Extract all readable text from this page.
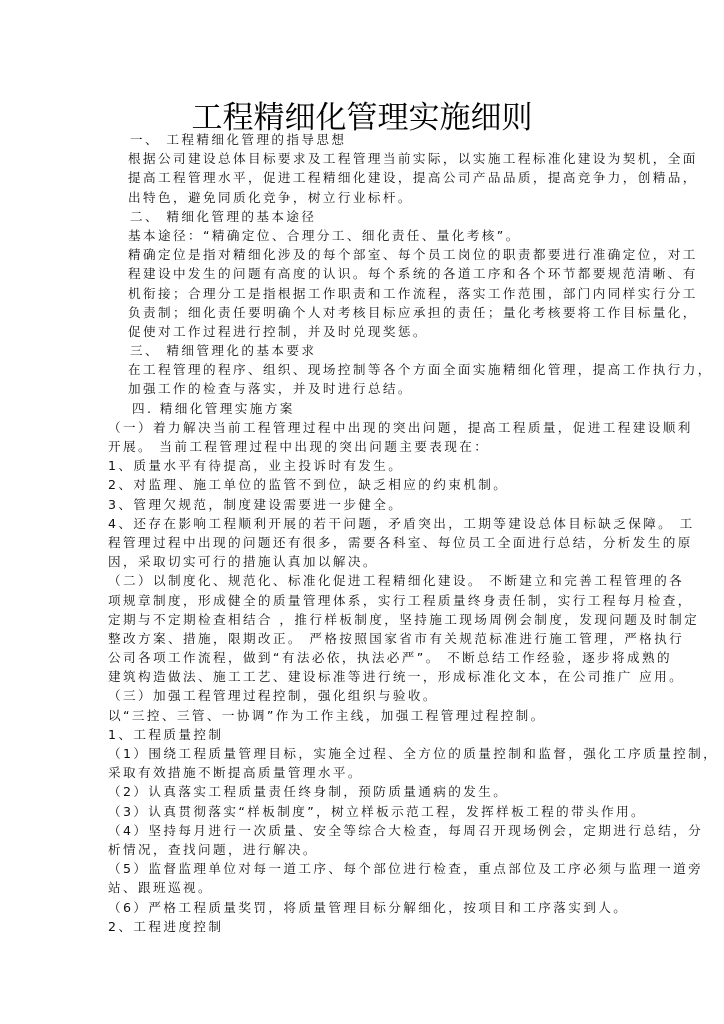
工程精细化管理实施细则
一、 工程精细化管理的指导思想
根据公司建设总体目标要求及工程管理当前实际，以实施工程标准化建设为契机，全面
提高工程管理水平，促进工程精细化建设，提高公司产品品质，提高竞争力，创精品，
出特色，避免同质化竞争，树立行业标杆。
二、 精细化管理的基本途径
基本途径：“精确定位、合理分工、细化责任、量化考核”。
精确定位是指对精细化涉及的每个部室、每个员工岗位的职责都要进行准确定位，对工
程建设中发生的问题有高度的认识。每个系统的各道工序和各个环节都要规范清晰、有
机衔接；合理分工是指根据工作职责和工作流程，落实工作范围，部门内同样实行分工
负责制；细化责任要明确个人对考核目标应承担的责任；量化考核要将工作目标量化，
促使对工作过程进行控制，并及时兑现奖惩。
三、 精细管理化的基本要求
在工程管理的程序、组织、现场控制等各个方面全面实施精细化管理，提高工作执行力，
加强工作的检查与落实，并及时进行总结。
四. 精细化管理实施方案
（一）着力解决当前工程管理过程中出现的突出问题，提高工程质量，促进工程建设顺利
开展。 当前工程管理过程中出现的突出问题主要表现在：
1、质量水平有待提高，业主投诉时有发生。
2、对监理、施工单位的监管不到位，缺乏相应的约束机制。
3、管理欠规范，制度建设需要进一步健全。
4、还存在影响工程顺利开展的若干问题，矛盾突出，工期等建设总体目标缺乏保障。 工
程管理过程中出现的问题还有很多，需要各科室、每位员工全面进行总结，分析发生的原
因，采取切实可行的措施认真加以解决。
（二）以制度化、规范化、标准化促进工程精细化建设。 不断建立和完善工程管理的各
项规章制度，形成健全的质量管理体系，实行工程质量终身责任制，实行工程每月检查，
定期与不定期检查相结合 ，推行样板制度，坚持施工现场周例会制度，发现问题及时制定
整改方案、措施，限期改正。 严格按照国家省市有关规范标准进行施工管理，严格执行
公司各项工作流程，做到“有法必依，执法必严”。 不断总结工作经验，逐步将成熟的
建筑构造做法、施工工艺、建设标准等进行统一，形成标准化文本，在公司推广 应用。
（三）加强工程管理过程控制，强化组织与验收。
以“三控、三管、一协调”作为工作主线，加强工程管理过程控制。
1、工程质量控制
（1）围绕工程质量管理目标，实施全过程、全方位的质量控制和监督，强化工序质量控制，
采取有效措施不断提高质量管理水平。
（2）认真落实工程质量责任终身制，预防质量通病的发生。
（3）认真贯彻落实“样板制度”，树立样板示范工程，发挥样板工程的带头作用。
（4）坚持每月进行一次质量、安全等综合大检查，每周召开现场例会，定期进行总结，分
析情况，查找问题，进行解决。
（5）监督监理单位对每一道工序、每个部位进行检查，重点部位及工序必须与监理一道旁
站、跟班巡视。
（6）严格工程质量奖罚，将质量管理目标分解细化，按项目和工序落实到人。
2、工程进度控制
